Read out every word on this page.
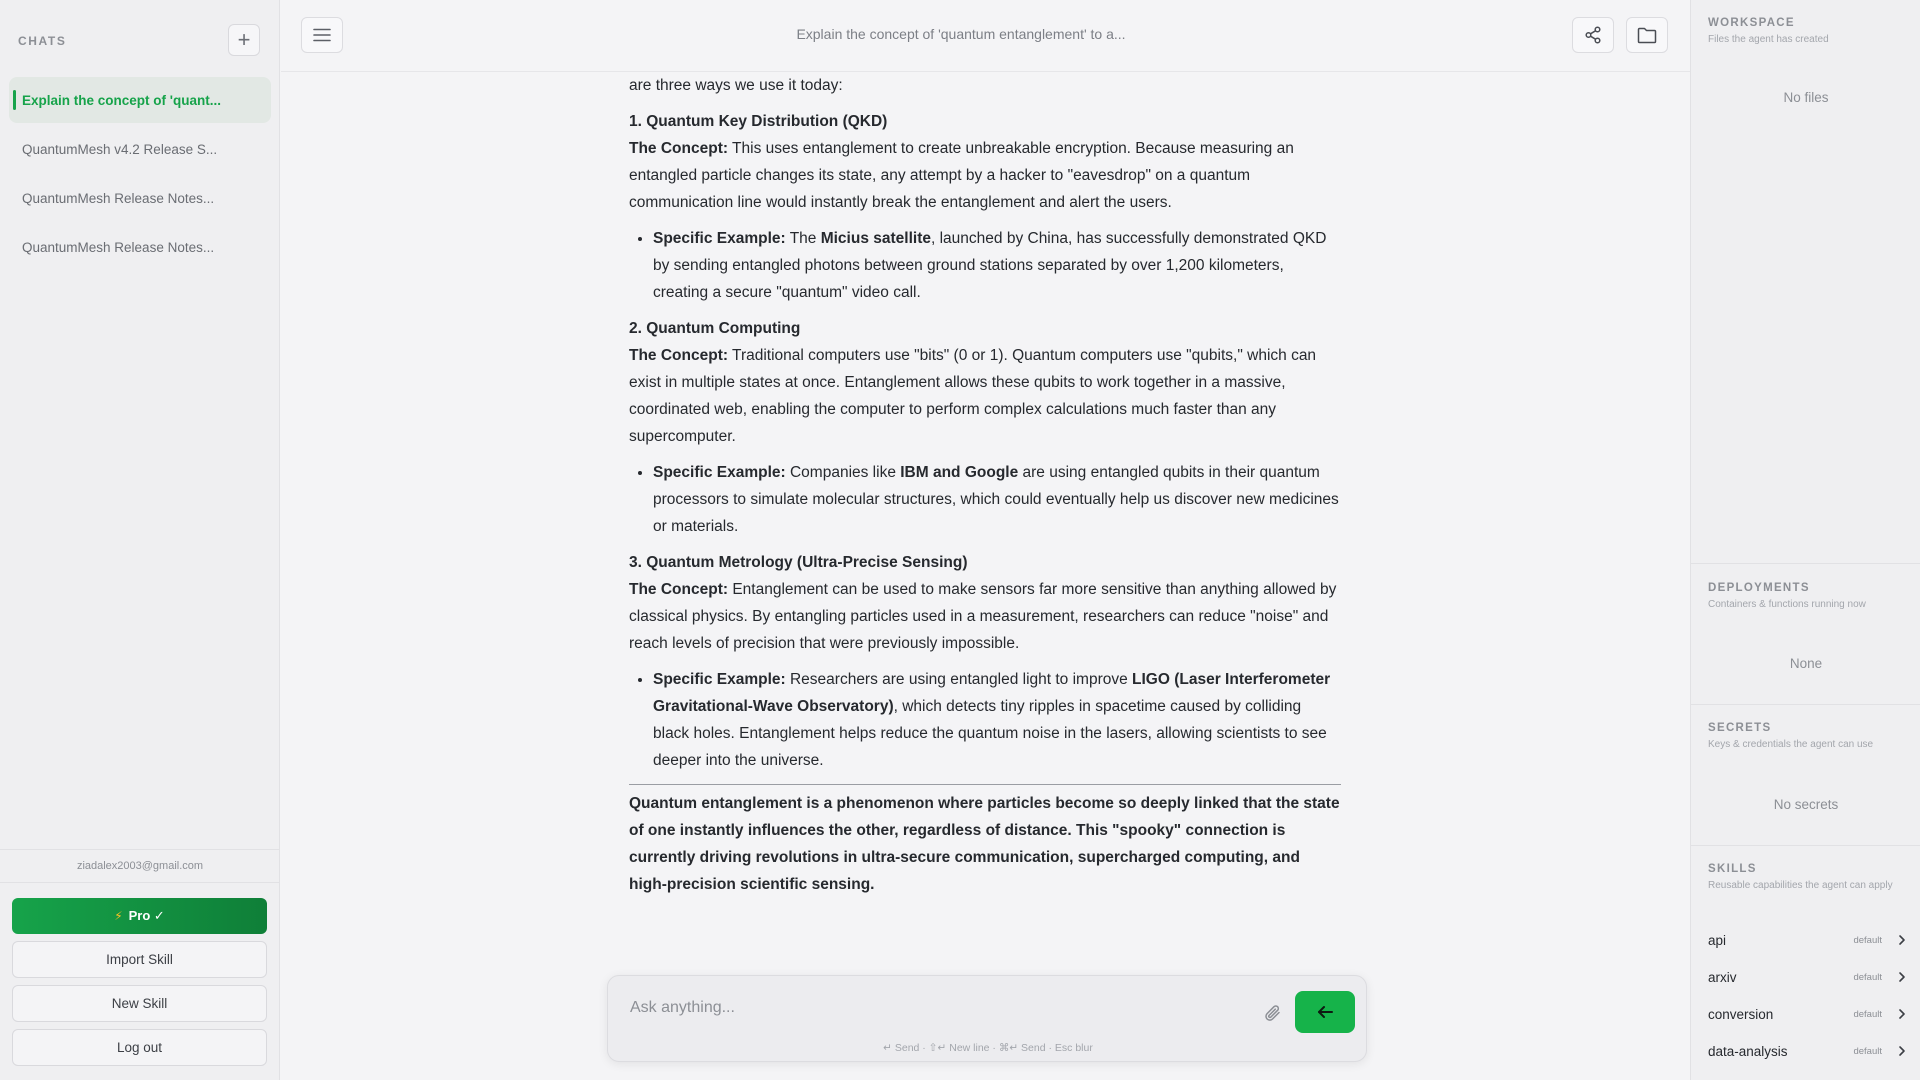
CHATS	+
Explain the concept of 'quant...
QuantumMesh v4.2 Release S...
QuantumMesh Release Notes...
QuantumMesh Release Notes...
ziadalex2003@gmail.com
⚡ Pro ✓
Import Skill
New Skill
Log out
Explain the concept of 'quantum entanglement' to a...

are three ways we use it today:

1. Quantum Key Distribution (QKD)

The Concept: This uses entanglement to create unbreakable encryption. Because measuring an entangled particle changes its state, any attempt by a hacker to "eavesdrop" on a quantum communication line would instantly break the entanglement and alert the users.

• Specific Example: The Micius satellite, launched by China, has successfully demonstrated QKD by sending entangled photons between ground stations separated by over 1,200 kilometers, creating a secure "quantum" video call.
2. Quantum Computing

The Concept: Traditional computers use "bits" (0 or 1). Quantum computers use "qubits," which can exist in multiple states at once. Entanglement allows these qubits to work together in a massive, coordinated web, enabling the computer to perform complex calculations much faster than any supercomputer.

• Specific Example: Companies like IBM and Google are using entangled qubits in their quantum processors to simulate molecular structures, which could eventually help us discover new medicines or materials.
3. Quantum Metrology (Ultra-Precise Sensing)

The Concept: Entanglement can be used to make sensors far more sensitive than anything allowed by classical physics. By entangling particles used in a measurement, researchers can reduce "noise" and reach levels of precision that were previously impossible.

• Specific Example: Researchers are using entangled light to improve LIGO (Laser Interferometer Gravitational-Wave Observatory), which detects tiny ripples in spacetime caused by colliding black holes. Entanglement helps reduce the quantum noise in the lasers, allowing scientists to see deeper into the universe.

Quantum entanglement is a phenomenon where particles become so deeply linked that the state of one instantly influences the other, regardless of distance. This "spooky" connection is currently driving revolutions in ultra-secure communication, supercharged computing, and high-precision scientific sensing.

Ask anything...
↵ Send · ⇧↵ New line · ⌘↵ Send · Esc blur
WORKSPACE
Files the agent has created
No files
DEPLOYMENTS
Containers & functions running now
None
SECRETS
Keys & credentials the agent can use
No secrets
SKILLS
Reusable capabilities the agent can apply
api	default
arxiv	default
conversion	default
data-analysis	default
